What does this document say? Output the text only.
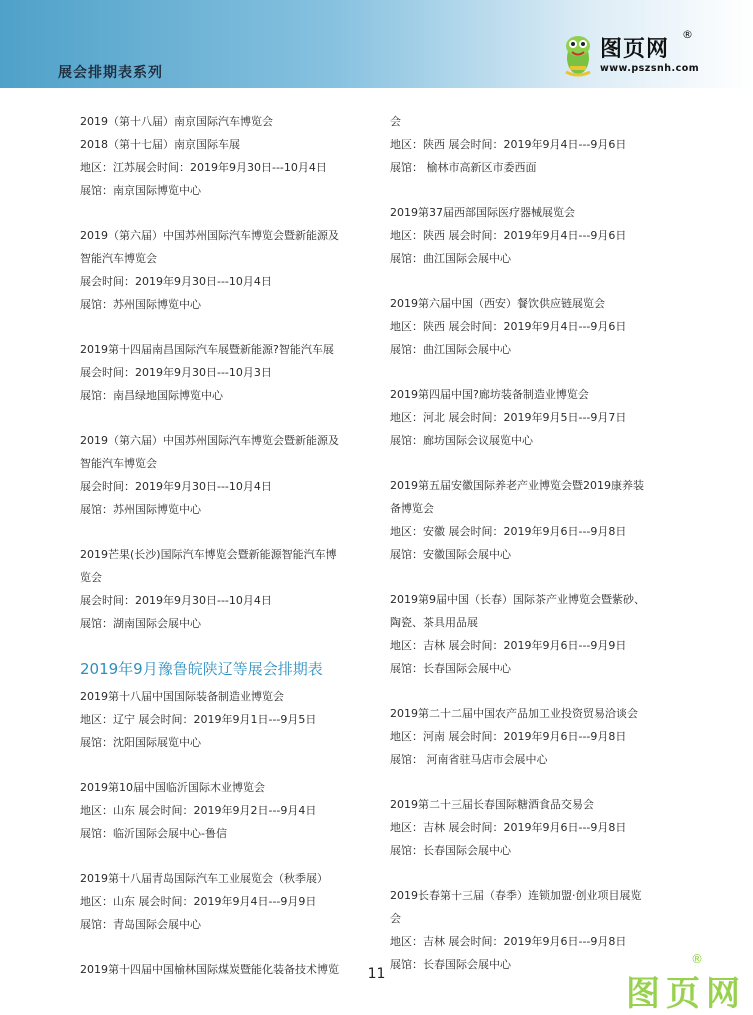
展会排期表系列
图页网
®
www.pszsnh.com
2019（第十八届）南京国际汽车博览会
2018（第十七届）南京国际车展
地区：江苏展会时间：2019年9月30日---10月4日
展馆：南京国际博览中心
2019（第六届）中国苏州国际汽车博览会暨新能源及
智能汽车博览会
展会时间：2019年9月30日---10月4日
展馆：苏州国际博览中心
2019第十四届南昌国际汽车展暨新能源?智能汽车展
展会时间：2019年9月30日---10月3日
展馆：南昌绿地国际博览中心
2019（第六届）中国苏州国际汽车博览会暨新能源及
智能汽车博览会
展会时间：2019年9月30日---10月4日
展馆：苏州国际博览中心
2019芒果(长沙)国际汽车博览会暨新能源智能汽车博
览会
展会时间：2019年9月30日---10月4日
展馆：湖南国际会展中心
2019年9月豫鲁皖陕辽等展会排期表
2019第十八届中国国际装备制造业博览会
地区：辽宁 展会时间：2019年9月1日---9月5日
展馆：沈阳国际展览中心
2019第10届中国临沂国际木业博览会
地区：山东 展会时间：2019年9月2日---9月4日
展馆：临沂国际会展中心-鲁信
2019第十八届青岛国际汽车工业展览会（秋季展）
地区：山东 展会时间：2019年9月4日---9月9日
展馆：青岛国际会展中心
2019第十四届中国榆林国际煤炭暨能化装备技术博览
会
地区：陕西 展会时间：2019年9月4日---9月6日
展馆： 榆林市高新区市委西面
2019第37届西部国际医疗器械展览会
地区：陕西 展会时间：2019年9月4日---9月6日
展馆：曲江国际会展中心
2019第六届中国（西安）餐饮供应链展览会
地区：陕西 展会时间：2019年9月4日---9月6日
展馆：曲江国际会展中心
2019第四届中国?廊坊装备制造业博览会
地区：河北 展会时间：2019年9月5日---9月7日
展馆：廊坊国际会议展览中心
2019第五届安徽国际养老产业博览会暨2019康养装
备博览会
地区：安徽 展会时间：2019年9月6日---9月8日
展馆：安徽国际会展中心
2019第9届中国（长春）国际茶产业博览会暨紫砂、
陶瓷、茶具用品展
地区：吉林 展会时间：2019年9月6日---9月9日
展馆：长春国际会展中心
2019第二十二届中国农产品加工业投资贸易洽谈会
地区：河南 展会时间：2019年9月6日---9月8日
展馆： 河南省驻马店市会展中心
2019第二十三届长春国际糖酒食品交易会
地区：吉林 展会时间：2019年9月6日---9月8日
展馆：长春国际会展中心
2019长春第十三届（春季）连锁加盟·创业项目展览
会
地区：吉林 展会时间：2019年9月6日---9月8日
展馆：长春国际会展中心
11	图页网
®
